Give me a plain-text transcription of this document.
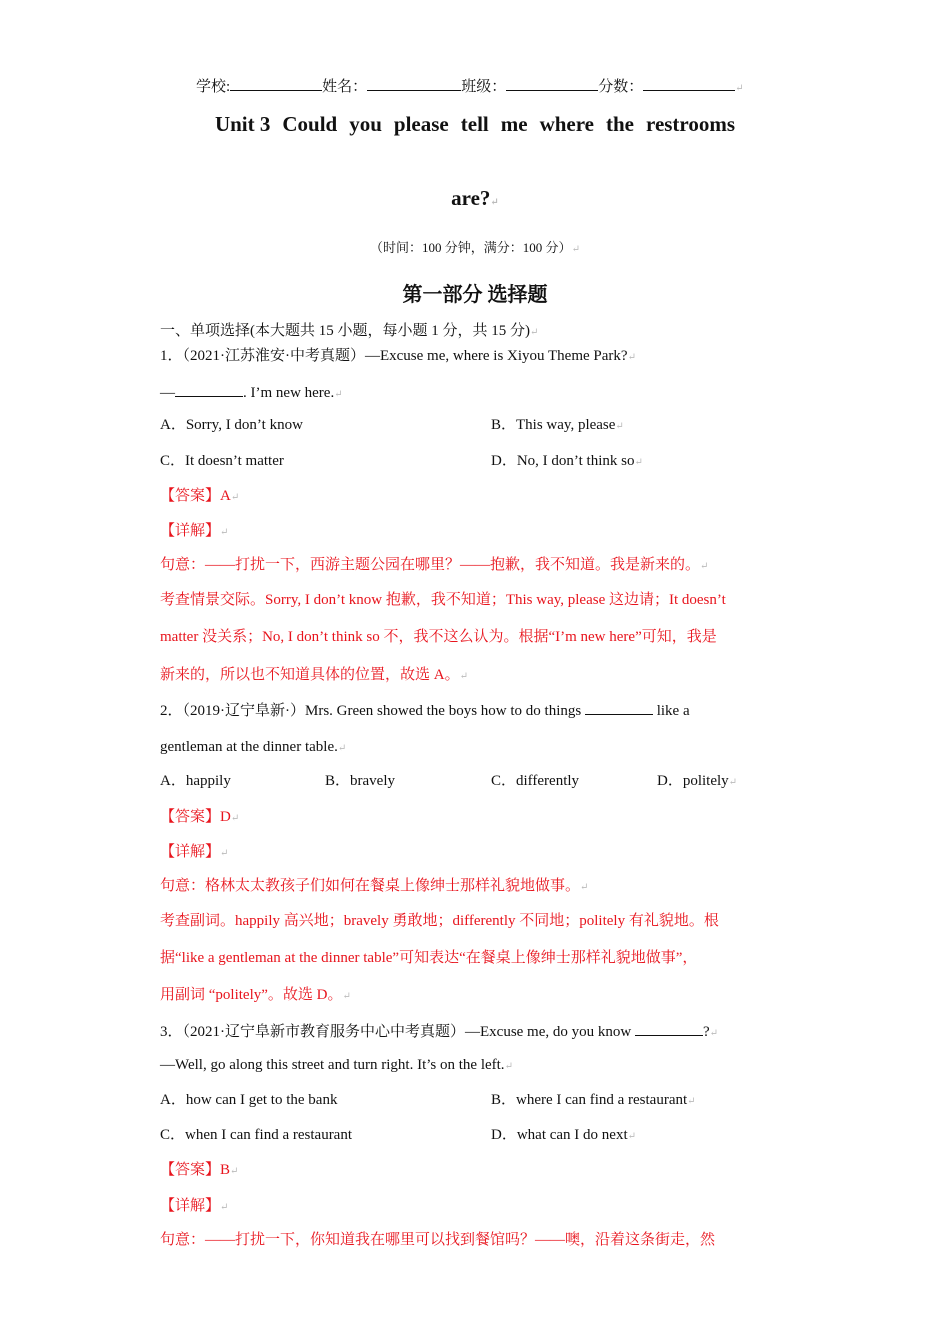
学校:	姓名：	班级：	分数：	↵
Unit 3 Could you please tell me where the restrooms
are?↵
（时间：100 分钟，满分：100 分）↵
第一部分 选择题
一、单项选择(本大题共 15 小题，每小题 1 分，共 15 分)↵
1．（2021·江苏淮安·中考真题）—Excuse me, where is Xiyou Theme Park?↵
—	. I’m new here.↵
A．Sorry, I don’t know	B．This way, please↵
C．It doesn’t matter	D．No, I don’t think so↵
【答案】A↵
【详解】↵
句意：——打扰一下，西游主题公园在哪里？——抱歉，我不知道。我是新来的。↵
考查情景交际。Sorry, I don’t know 抱歉，我不知道；This way, please 这边请；It doesn’t
matter 没关系；No, I don’t think so 不，我不这么认为。根据“I’m new here”可知，我是
新来的，所以也不知道具体的位置，故选 A。↵
2．（2019·辽宁阜新·）Mrs. Green showed the boys how to do things	like a
gentleman at the dinner table.↵
A．happily	B．bravely	C．differently	D．politely↵
【答案】D↵
【详解】↵
句意：格林太太教孩子们如何在餐桌上像绅士那样礼貌地做事。↵
考查副词。happily 高兴地；bravely 勇敢地；differently 不同地；politely 有礼貌地。根
据“like a gentleman at the dinner table”可知表达“在餐桌上像绅士那样礼貌地做事”，
用副词 “politely”。故选 D。↵
3．（2021·辽宁阜新市教育服务中心中考真题）—Excuse me, do you know	?↵
—Well, go along this street and turn right. It’s on the left.↵
A．how can I get to the bank	B．where I can find a restaurant↵
C．when I can find a restaurant	D．what can I do next↵
【答案】B↵
【详解】↵
句意：——打扰一下，你知道我在哪里可以找到餐馆吗？——噢，沿着这条街走，然
